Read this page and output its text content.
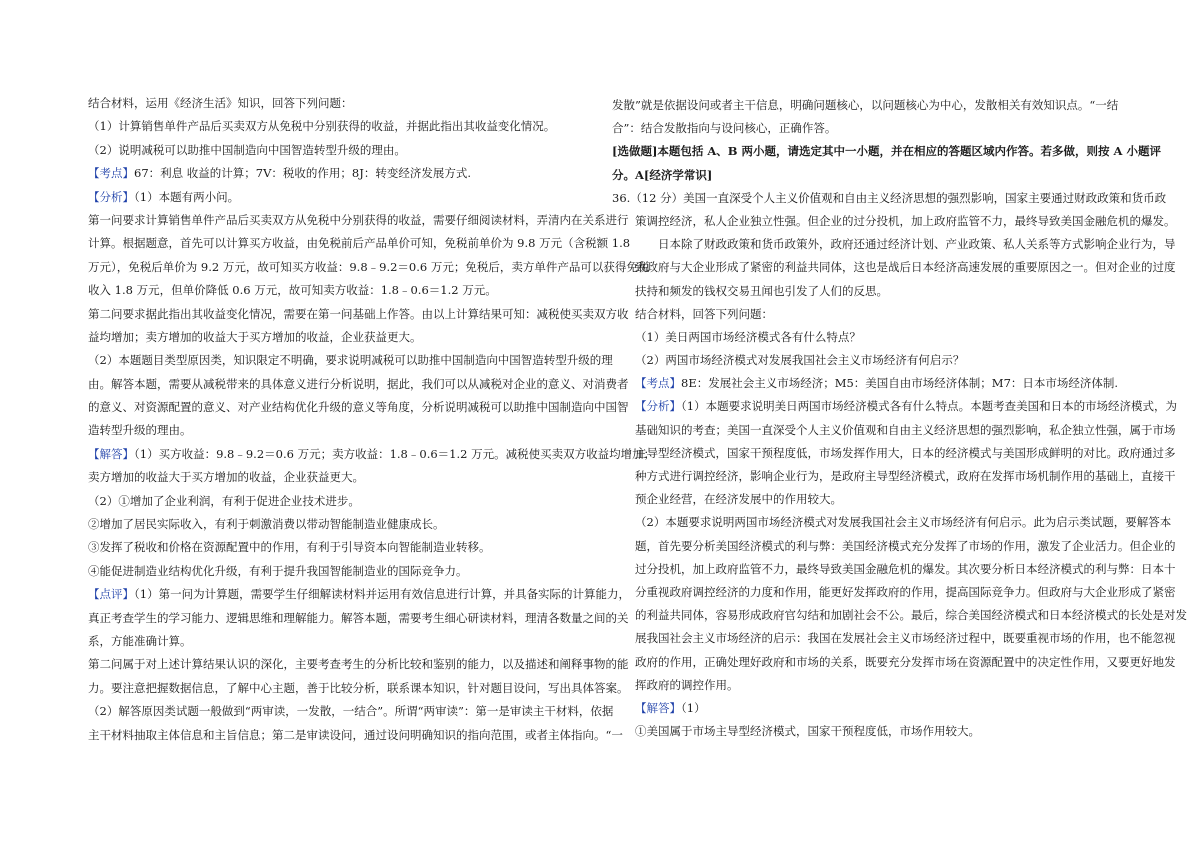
结合材料，运用《经济生活》知识，回答下列问题：
（1）计算销售单件产品后买卖双方从免税中分别获得的收益，并据此指出其收益变化情况。
（2）说明减税可以助推中国制造向中国智造转型升级的理由。
【考点】67：利息 收益的计算；7V：税收的作用；8J：转变经济发展方式.
【分析】（1）本题有两小问。
第一问要求计算销售单件产品后买卖双方从免税中分别获得的收益，需要仔细阅读材料，弄清内在关系进行
计算。根据题意，首先可以计算买方收益，由免税前后产品单价可知，免税前单价为 9.8 万元（含税额 1.8
万元），免税后单价为 9.2 万元，故可知买方收益：9.8﹣9.2＝0.6 万元；免税后，卖方单件产品可以获得免税
收入 1.8 万元，但单价降低 0.6 万元，故可知卖方收益：1.8﹣0.6＝1.2 万元。
第二问要求据此指出其收益变化情况，需要在第一问基础上作答。由以上计算结果可知：减税使买卖双方收
益均增加；卖方增加的收益大于买方增加的收益，企业获益更大。
（2）本题题目类型原因类，知识限定不明确，要求说明减税可以助推中国制造向中国智造转型升级的理
由。解答本题，需要从减税带来的具体意义进行分析说明，据此，我们可以从减税对企业的意义、对消费者
的意义、对资源配置的意义、对产业结构优化升级的意义等角度，分析说明减税可以助推中国制造向中国智
造转型升级的理由。
【解答】（1）买方收益：9.8﹣9.2＝0.6 万元；卖方收益：1.8﹣0.6＝1.2 万元。减税使买卖双方收益均增加；
卖方增加的收益大于买方增加的收益，企业获益更大。
（2）①增加了企业利润，有利于促进企业技术进步。
②增加了居民实际收入，有利于刺激消费以带动智能制造业健康成长。
③发挥了税收和价格在资源配置中的作用，有利于引导资本向智能制造业转移。
④能促进制造业结构优化升级，有利于提升我国智能制造业的国际竞争力。
【点评】（1）第一问为计算题，需要学生仔细解读材料并运用有效信息进行计算，并具备实际的计算能力，
真正考查学生的学习能力、逻辑思维和理解能力。解答本题，需要考生细心研读材料，理清各数量之间的关
系，方能准确计算。
第二问属于对上述计算结果认识的深化，主要考查考生的分析比较和鉴别的能力，以及描述和阐释事物的能
力。要注意把握数据信息，了解中心主题，善于比较分析，联系课本知识，针对题目设问，写出具体答案。
（2）解答原因类试题一般做到“两审读，一发散，一结合”。所谓“两审读”：第一是审读主干材料，依据
主干材料抽取主体信息和主旨信息；第二是审读设问，通过设问明确知识的指向范围，或者主体指向。“一
发散”就是依据设问或者主干信息，明确问题核心，以问题核心为中心，发散相关有效知识点。“一结
合”：结合发散指向与设问核心，正确作答。
[选做题]本题包括 A、B 两小题，请选定其中一小题，并在相应的答题区域内作答。若多做，则按 A 小题评
分。A[经济学常识]
36.（12 分）美国一直深受个人主义价值观和自由主义经济思想的强烈影响，国家主要通过财政政策和货币政
策调控经济，私人企业独立性强。但企业的过分投机，加上政府监管不力，最终导致美国金融危机的爆发。
　　日本除了财政政策和货币政策外，政府还通过经济计划、产业政策、私人关系等方式影响企业行为，导
致政府与大企业形成了紧密的利益共同体，这也是战后日本经济高速发展的重要原因之一。但对企业的过度
扶持和频发的钱权交易丑闻也引发了人们的反思。
结合材料，回答下列问题：
（1）美日两国市场经济模式各有什么特点？
（2）两国市场经济模式对发展我国社会主义市场经济有何启示？
【考点】8E：发展社会主义市场经济；M5：美国自由市场经济体制；M7：日本市场经济体制.
【分析】（1）本题要求说明美日两国市场经济模式各有什么特点。本题考查美国和日本的市场经济模式，为
基础知识的考查；美国一直深受个人主义价值观和自由主义经济思想的强烈影响，私企独立性强，属于市场
主导型经济模式，国家干预程度低，市场发挥作用大，日本的经济模式与美国形成鲜明的对比。政府通过多
种方式进行调控经济，影响企业行为，是政府主导型经济模式，政府在发挥市场机制作用的基础上，直接干
预企业经营，在经济发展中的作用较大。
（2）本题要求说明两国市场经济模式对发展我国社会主义市场经济有何启示。此为启示类试题，要解答本
题，首先要分析美国经济模式的利与弊：美国经济模式充分发挥了市场的作用，激发了企业活力。但企业的
过分投机，加上政府监管不力，最终导致美国金融危机的爆发。其次要分析日本经济模式的利与弊：日本十
分重视政府调控经济的力度和作用，能更好发挥政府的作用，提高国际竞争力。但政府与大企业形成了紧密
的利益共同体，容易形成政府官勾结和加剧社会不公。最后，综合美国经济模式和日本经济模式的长处是对发
展我国社会主义市场经济的启示：我国在发展社会主义市场经济过程中，既要重视市场的作用，也不能忽视
政府的作用，正确处理好政府和市场的关系，既要充分发挥市场在资源配置中的决定性作用，又要更好地发
挥政府的调控作用。
【解答】（1）
①美国属于市场主导型经济模式，国家干预程度低，市场作用较大。
